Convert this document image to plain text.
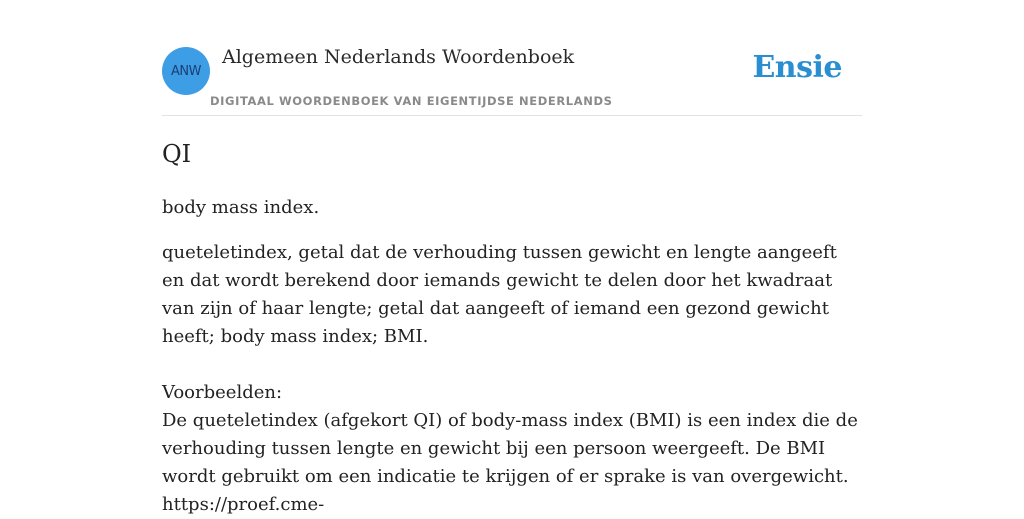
ANW
Algemeen Nederlands Woordenboek
DIGITAAL WOORDENBOEK VAN EIGENTIJDSE NEDERLANDS
Ensie
QI
body mass index.

queteletindex, getal dat de verhouding tussen gewicht en lengte aangeeft en dat wordt berekend door iemands gewicht te delen door het kwadraat van zijn of haar lengte; getal dat aangeeft of iemand een gezond gewicht heeft; body mass index; BMI.

Voorbeelden:

De queteletindex (afgekort QI) of body-mass index (BMI) is een index die de verhouding tussen lengte en gewicht bij een persoon weergeeft. De BMI wordt gebruikt om een indicatie te krijgen of er sprake is van overgewicht.

https://proef.cme-
